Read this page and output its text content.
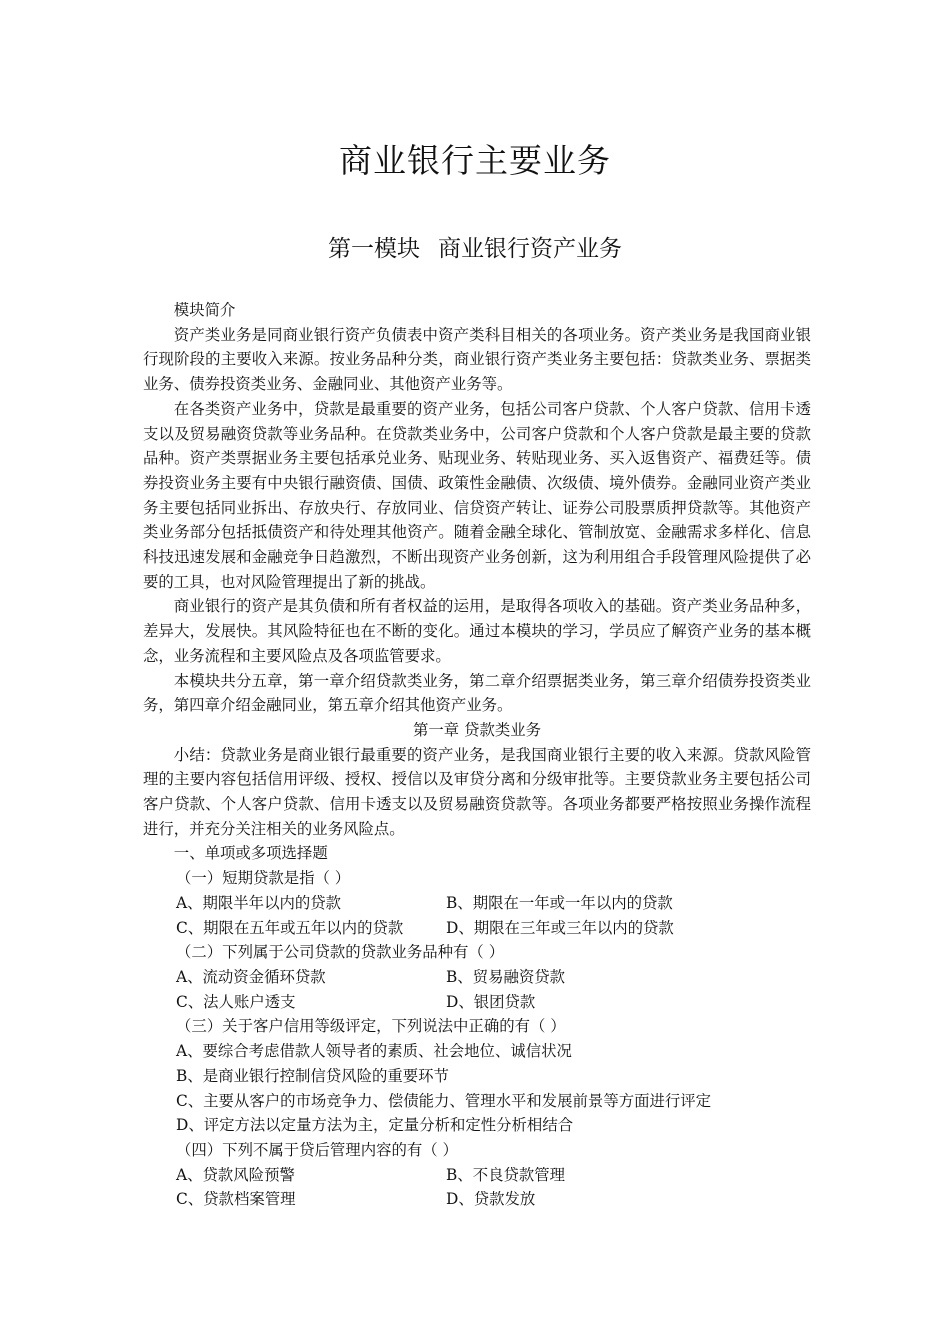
商业银行主要业务
第一模块 商业银行资产业务

模块简介

资产类业务是同商业银行资产负债表中资产类科目相关的各项业务。资产类业务是我国商业银行现阶段的主要收入来源。按业务品种分类，商业银行资产类业务主要包括：贷款类业务、票据类业务、债券投资类业务、金融同业、其他资产业务等。

在各类资产业务中，贷款是最重要的资产业务，包括公司客户贷款、个人客户贷款、信用卡透支以及贸易融资贷款等业务品种。在贷款类业务中，公司客户贷款和个人客户贷款是最主要的贷款品种。资产类票据业务主要包括承兑业务、贴现业务、转贴现业务、买入返售资产、福费廷等。债券投资业务主要有中央银行融资债、国债、政策性金融债、次级债、境外债券。金融同业资产类业务主要包括同业拆出、存放央行、存放同业、信贷资产转让、证券公司股票质押贷款等。其他资产类业务部分包括抵债资产和待处理其他资产。随着金融全球化、管制放宽、金融需求多样化、信息科技迅速发展和金融竞争日趋激烈，不断出现资产业务创新，这为利用组合手段管理风险提供了必要的工具，也对风险管理提出了新的挑战。

商业银行的资产是其负债和所有者权益的运用，是取得各项收入的基础。资产类业务品种多，差异大，发展快。其风险特征也在不断的变化。通过本模块的学习，学员应了解资产业务的基本概念，业务流程和主要风险点及各项监管要求。

本模块共分五章，第一章介绍贷款类业务，第二章介绍票据类业务，第三章介绍债券投资类业务，第四章介绍金融同业，第五章介绍其他资产业务。

第一章 贷款类业务

小结：贷款业务是商业银行最重要的资产业务，是我国商业银行主要的收入来源。贷款风险管理的主要内容包括信用评级、授权、授信以及审贷分离和分级审批等。主要贷款业务主要包括公司客户贷款、个人客户贷款、信用卡透支以及贸易融资贷款等。各项业务都要严格按照业务操作流程进行，并充分关注相关的业务风险点。

一、单项或多项选择题

（一）短期贷款是指（ ）

A、期限半年以内的贷款	B、期限在一年或一年以内的贷款
C、期限在五年或五年以内的贷款	D、期限在三年或三年以内的贷款

（二）下列属于公司贷款的贷款业务品种有（ ）

A、流动资金循环贷款	B、贸易融资贷款
C、法人账户透支	D、银团贷款

（三）关于客户信用等级评定，下列说法中正确的有（ ）

A、要综合考虑借款人领导者的素质、社会地位、诚信状况

B、是商业银行控制信贷风险的重要环节

C、主要从客户的市场竞争力、偿债能力、管理水平和发展前景等方面进行评定

D、评定方法以定量方法为主，定量分析和定性分析相结合

（四）下列不属于贷后管理内容的有（ ）

A、贷款风险预警	B、不良贷款管理
C、贷款档案管理	D、贷款发放
